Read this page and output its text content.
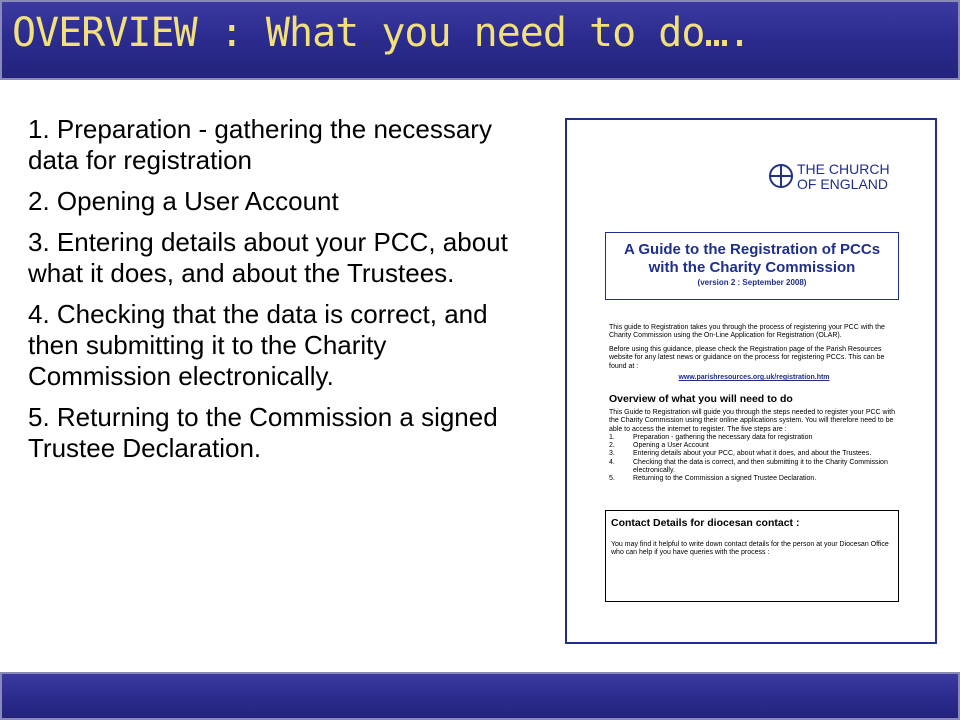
OVERVIEW : What you need to do….
1. Preparation - gathering the necessary data for registration
2. Opening a User Account
3. Entering details about your PCC, about what it does, and about the Trustees.
4. Checking that the data is correct, and then submitting it to the Charity Commission electronically.
5. Returning to the Commission a signed Trustee Declaration.
THE CHURCH
OF ENGLAND
A Guide to the Registration of PCCs
with the Charity Commission
(version 2 : September 2008)
This guide to Registration takes you through the process of registering your PCC with the Charity Commission using the On-Line Application for Registration (OLAR).
Before using this guidance, please check the Registration page of the Parish Resources website for any latest news or guidance on the process for registering PCCs. This can be found at :
www.parishresources.org.uk/registration.htm
Overview of what you will need to do
This Guide to Registration will guide you through the steps needed to register your PCC with the Charity Commission using their online applications system. You will therefore need to be able to access the internet to register. The five steps are :
1.	Preparation - gathering the necessary data for registration
2.	Opening a User Account
3.	Entering details about your PCC, about what it does, and about the Trustees.
4.	Checking that the data is correct, and then submitting it to the Charity Commission electronically.
5.	Returning to the Commission a signed Trustee Declaration.
Contact Details for diocesan contact :
You may find it helpful to write down contact details for the person at your Diocesan Office who can help if you have queries with the process :
